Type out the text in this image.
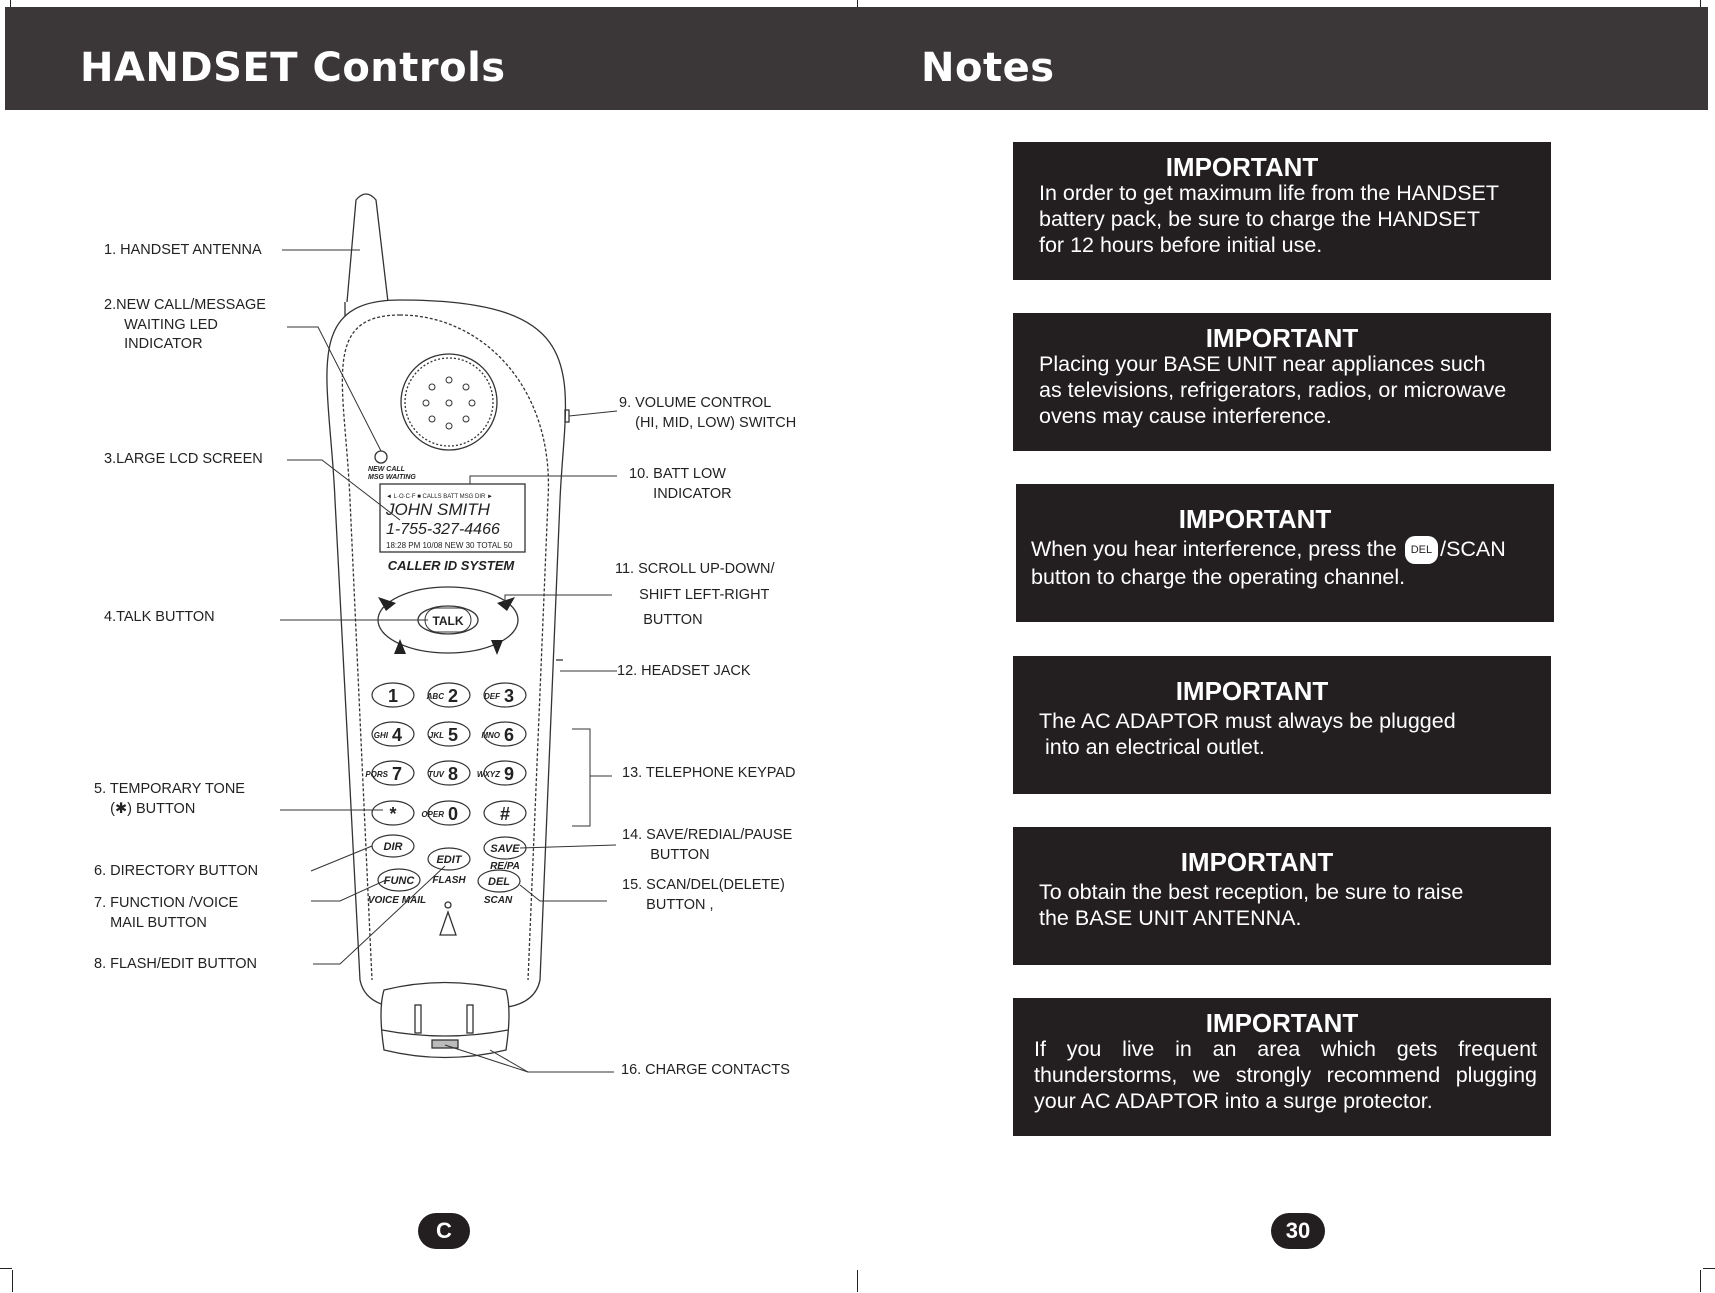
HANDSET Controls	Notes
TALK
NEW CALL
MSG WAITING
◄ L·O·C·F ■ CALLS BATT MSG DIR ►
JOHN SMITH
1-755-327-4466
18:28 PM 10/08 NEW 30 TOTAL 50
CALLER ID SYSTEM
1	ABC 2	DEF 3
GHI 4	JKL 5	MNO 6
PQRS 7	TUV 8 WXYZ 9
*	OPER 0 #
DIR
EDIT
SAVE
RE/PA
FUNC FLASH DEL
VOICE MAIL	SCAN
1. HANDSET ANTENNA
2.NEW CALL/MESSAGE
WAITING LED
INDICATOR
3.LARGE LCD SCREEN
4.TALK BUTTON
5. TEMPORARY TONE
(✱) BUTTON
6. DIRECTORY BUTTON
7. FUNCTION /VOICE
MAIL BUTTON
8. FLASH/EDIT BUTTON
9. VOLUME CONTROL
(HI, MID, LOW) SWITCH
10. BATT LOW
INDICATOR
11. SCROLL UP-DOWN/

SHIFT LEFT-RIGHT

BUTTON
12. HEADSET JACK
13. TELEPHONE KEYPAD
14. SAVE/REDIAL/PAUSE
BUTTON
15. SCAN/DEL(DELETE)
BUTTON ,
16. CHARGE CONTACTS
IMPORTANT
In order to get maximum life from the HANDSET
battery pack, be sure to charge the HANDSET
for 12 hours before initial use.
IMPORTANT
Placing your BASE UNIT near appliances such
as televisions, refrigerators, radios, or microwave
ovens may cause interference.
IMPORTANT
When you hear interference, press the DEL /SCAN
button to charge the operating channel.
IMPORTANT
The AC ADAPTOR must always be plugged
into an electrical outlet.
IMPORTANT
To obtain the best reception, be sure to raise
the BASE UNIT ANTENNA.
IMPORTANT
If you live in an area which gets frequent thunderstorms, we strongly recommend plugging your AC ADAPTOR into a surge protector.
C	30
